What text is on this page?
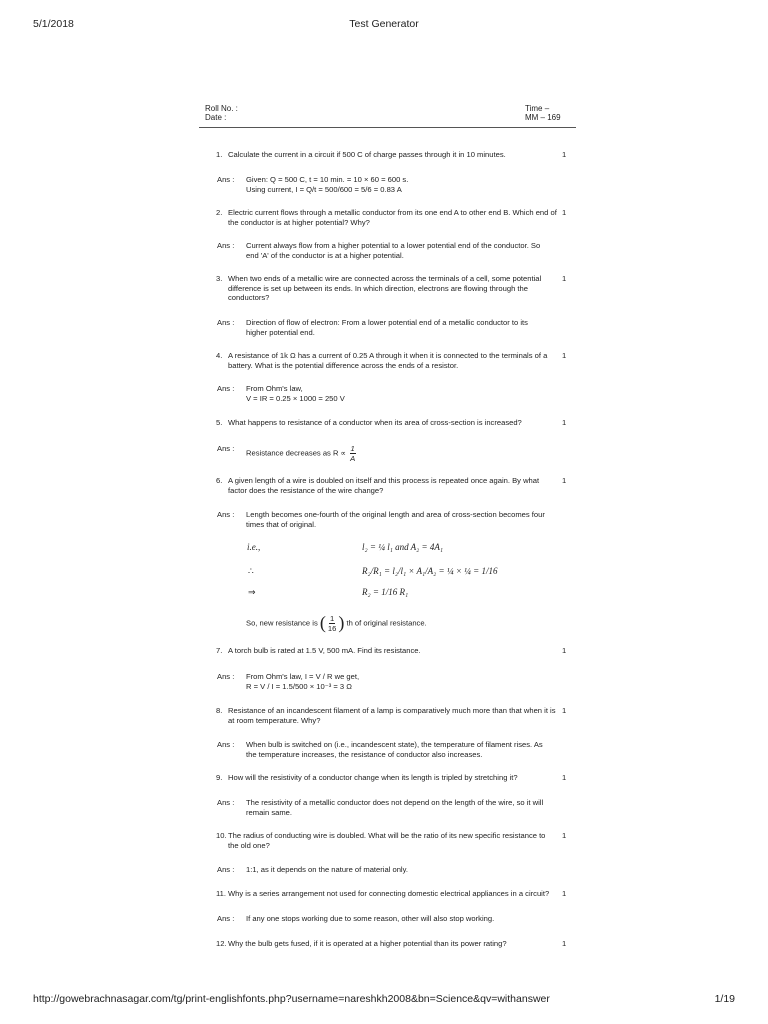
5/1/2018	Test Generator
Roll No. :
Date :
Time –
MM – 169
1. Calculate the current in a circuit if 500 C of charge passes through it in 10 minutes.	1
Ans : Given: Q = 500 C, t = 10 min. = 10 × 60 = 600 s.
Using current, I = Q/t = 500/600 = 5/6 = 0.83 A
2. Electric current flows through a metallic conductor from its one end A to other end B. Which end of the conductor is at higher potential? Why?
1
Ans : Current always flow from a higher potential to a lower potential end of the conductor. So end 'A' of the conductor is at a higher potential.
3. When two ends of a metallic wire are connected across the terminals of a cell, some potential difference is set up between its ends. In which direction, electrons are flowing through the conductors?
1
Ans : Direction of flow of electron: From a lower potential end of a metallic conductor to its higher potential end.
4. A resistance of 1k Ω has a current of 0.25 A through it when it is connected to the terminals of a battery. What is the potential difference across the ends of a resistor.
1
Ans : From Ohm's law,
V = IR = 0.25 × 1000 = 250 V
5. What happens to resistance of a conductor when its area of cross-section is increased?	1
Ans : Resistance decreases as $R \propto \frac{1}{A}$
6. A given length of a wire is doubled on itself and this process is repeated once again. By what factor does the resistance of the wire change?
1
Ans : Length becomes one-fourth of the original length and area of cross-section becomes four times that of original.
i.e.,	l₂ = ¼ l₁ and A₂ = 4A₁
∴	R₂/R₁ = l₂/l₁ × A₁/A₂ = ¼ × ¼ = 1/16
⇒	R₂ = 1/16 R₁
So, new resistance is ( $\frac{1}{16}$ ) th of original resistance.
7. A torch bulb is rated at 1.5 V, 500 mA. Find its resistance.	1
Ans : From Ohm's law, I = V / R we get,
R = V / I = 1.5/500 × 10⁻³ = 3 Ω
8. Resistance of an incandescent filament of a lamp is comparatively much more than that when it is at room temperature. Why?
1
Ans : When bulb is switched on (i.e., incandescent state), the temperature of filament rises. As the temperature increases, the resistance of conductor also increases.
9. How will the resistivity of a conductor change when its length is tripled by stretching it?	1
Ans : The resistivity of a metallic conductor does not depend on the length of the wire, so it will remain same.
10. The radius of conducting wire is doubled. What will be the ratio of its new specific resistance to the old one?
1
Ans : 1:1, as it depends on the nature of material only.
11. Why is a series arrangement not used for connecting domestic electrical appliances in a circuit?	1
Ans : If any one stops working due to some reason, other will also stop working.
12. Why the bulb gets fused, if it is operated at a higher potential than its power rating?	1
http://gowebrachnasagar.com/tg/print-englishfonts.php?username=nareshkh2008&bn=Science&qv=withanswer	1/19
